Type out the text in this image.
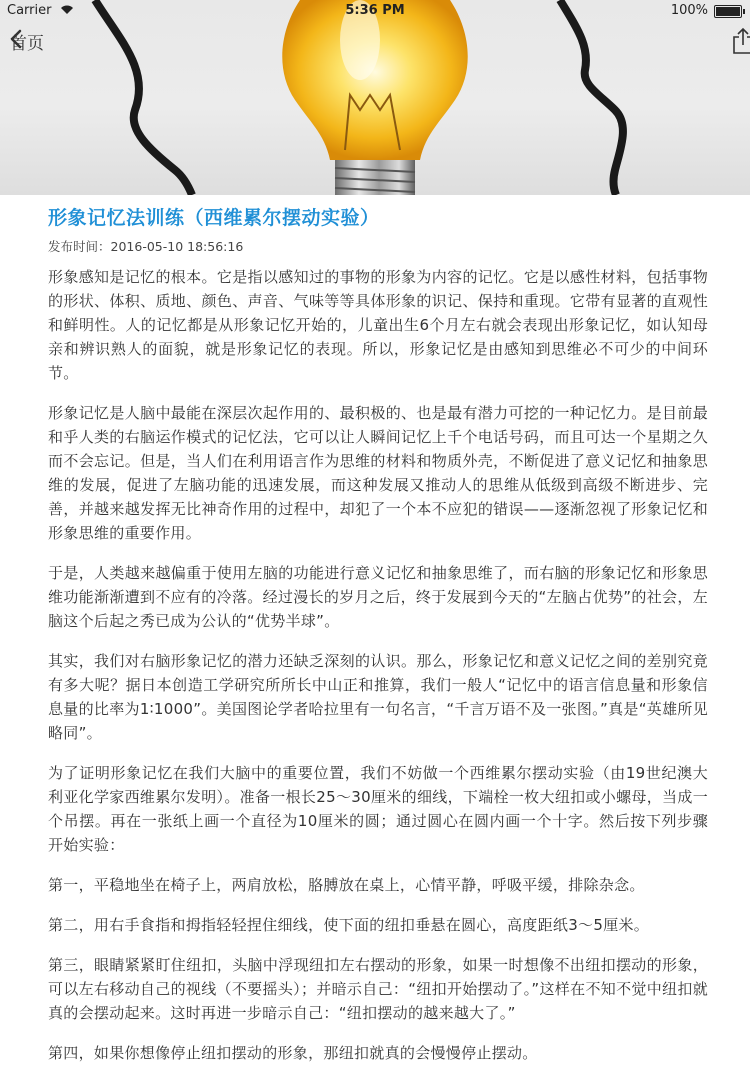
Carrier	5:36 PM	100%
首页
形象记忆法训练（西维累尔摆动实验）
发布时间：2016-05-10 18:56:16

形象感知是记忆的根本。它是指以感知过的事物的形象为内容的记忆。它是以感性材料，包括事物的形状、体积、质地、颜色、声音、气味等等具体形象的识记、保持和重现。它带有显著的直观性和鲜明性。人的记忆都是从形象记忆开始的，儿童出生6个月左右就会表现出形象记忆，如认知母亲和辨识熟人的面貌，就是形象记忆的表现。所以，形象记忆是由感知到思维必不可少的中间环节。

形象记忆是人脑中最能在深层次起作用的、最积极的、也是最有潜力可挖的一种记忆力。是目前最和乎人类的右脑运作模式的记忆法，它可以让人瞬间记忆上千个电话号码，而且可达一个星期之久而不会忘记。但是，当人们在利用语言作为思维的材料和物质外壳，不断促进了意义记忆和抽象思维的发展，促进了左脑功能的迅速发展，而这种发展又推动人的思维从低级到高级不断进步、完善，并越来越发挥无比神奇作用的过程中，却犯了一个本不应犯的错误——逐渐忽视了形象记忆和形象思维的重要作用。

于是，人类越来越偏重于使用左脑的功能进行意义记忆和抽象思维了，而右脑的形象记忆和形象思维功能渐渐遭到不应有的冷落。经过漫长的岁月之后，终于发展到今天的“左脑占优势”的社会，左脑这个后起之秀已成为公认的“优势半球”。

其实，我们对右脑形象记忆的潜力还缺乏深刻的认识。那么，形象记忆和意义记忆之间的差别究竟有多大呢？据日本创造工学研究所所长中山正和推算，我们一般人“记忆中的语言信息量和形象信息量的比率为1∶1000”。美国图论学者哈拉里有一句名言，“千言万语不及一张图。”真是“英雄所见略同”。

为了证明形象记忆在我们大脑中的重要位置，我们不妨做一个西维累尔摆动实验（由19世纪澳大利亚化学家西维累尔发明）。准备一根长25～30厘米的细线，下端栓一枚大纽扣或小螺母，当成一个吊摆。再在一张纸上画一个直径为10厘米的圆；通过圆心在圆内画一个十字。然后按下列步骤开始实验：

第一，平稳地坐在椅子上，两肩放松，胳膊放在桌上，心情平静，呼吸平缓，排除杂念。

第二，用右手食指和拇指轻轻捏住细线，使下面的纽扣垂悬在圆心，高度距纸3～5厘米。

第三，眼睛紧紧盯住纽扣，头脑中浮现纽扣左右摆动的形象，如果一时想像不出纽扣摆动的形象，可以左右移动自己的视线（不要摇头）；并暗示自己：“纽扣开始摆动了。”这样在不知不觉中纽扣就真的会摆动起来。这时再进一步暗示自己：“纽扣摆动的越来越大了。”

第四，如果你想像停止纽扣摆动的形象，那纽扣就真的会慢慢停止摆动。
